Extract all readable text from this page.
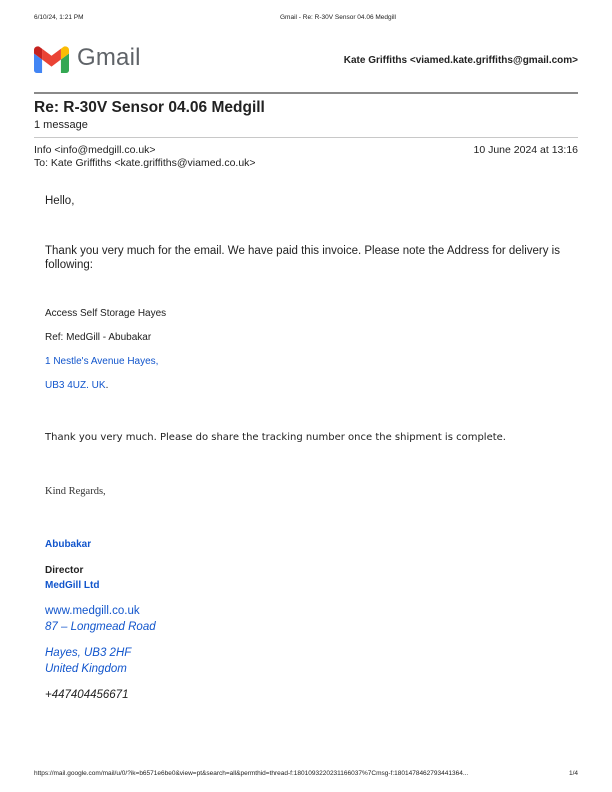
6/10/24, 1:21 PM	Gmail - Re: R-30V Sensor 04.06 Medgill
Gmail	Kate Griffiths <viamed.kate.griffiths@gmail.com>
Re: R-30V Sensor 04.06 Medgill
1 message
Info <info@medgill.co.uk>	10 June 2024 at 13:16
To: Kate Griffiths <kate.griffiths@viamed.co.uk>
Hello,
Thank you very much for the email. We have paid this invoice. Please note the Address for delivery is following:
Access Self Storage Hayes
Ref: MedGill - Abubakar
1 Nestle's Avenue Hayes,
UB3 4UZ. UK.
Thank you very much. Please do share the tracking number once the shipment is complete.
Kind Regards,
Abubakar
Director
MedGill Ltd
www.medgill.co.uk
87 – Longmead Road
Hayes, UB3 2HF
United Kingdom
+447404456671
https://mail.google.com/mail/u/0/?ik=b6571e6be0&view=pt&search=all&permthid=thread-f:1801093220231166037%7Cmsg-f:18014784627934413​64...	1/4
